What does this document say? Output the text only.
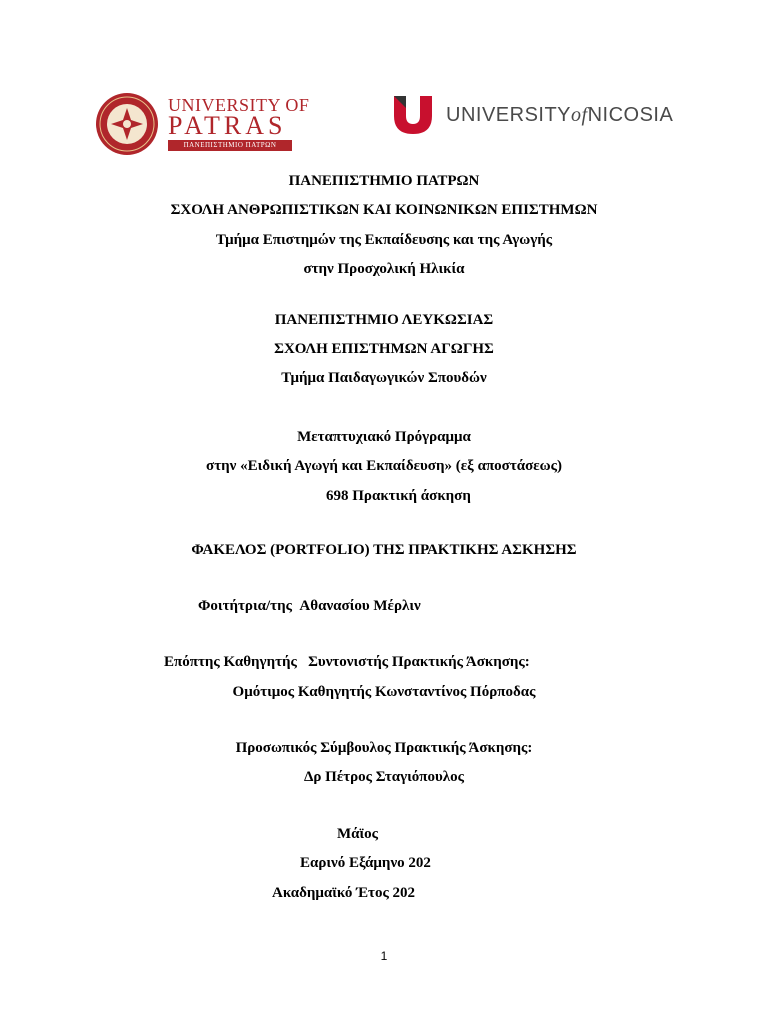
UNIVERSITY OF
PATRAS
ΠΑΝΕΠΙΣΤΗΜΙΟ ΠΑΤΡΩΝ
UNIVERSITYofNICOSIA
ΠΑΝΕΠΙΣΤΗΜΙΟ ΠΑΤΡΩΝ
ΣΧΟΛΗ ΑΝΘΡΩΠΙΣΤΙΚΩΝ ΚΑΙ ΚΟΙΝΩΝΙΚΩΝ ΕΠΙΣΤΗΜΩΝ
Τμήμα Επιστημών της Εκπαίδευσης και της Αγωγής
στην Προσχολική Ηλικία
ΠΑΝΕΠΙΣΤΗΜΙΟ ΛΕΥΚΩΣΙΑΣ
ΣΧΟΛΗ ΕΠΙΣΤΗΜΩΝ ΑΓΩΓΗΣ
Τμήμα Παιδαγωγικών Σπουδών
Μεταπτυχιακό Πρόγραμμα
στην «Ειδική Αγωγή και Εκπαίδευση» (εξ αποστάσεως)
698 Πρακτική άσκηση
ΦΑΚΕΛΟΣ (PORTFOLIO) ΤΗΣ ΠΡΑΚΤΙΚΗΣ ΑΣΚΗΣΗΣ
Φοιτήτρια/της Αθανασίου Μέρλιν
Επόπτης Καθηγητής   Συντονιστής Πρακτικής Άσκησης:
Ομότιμος Καθηγητής Κωνσταντίνος Πόρποδας
Προσωπικός Σύμβουλος Πρακτικής Άσκησης:
Δρ Πέτρος Σταγιόπουλος
Μάϊος
Εαρινό Εξάμηνο 202
Ακαδημαϊκό Έτος 202
1
